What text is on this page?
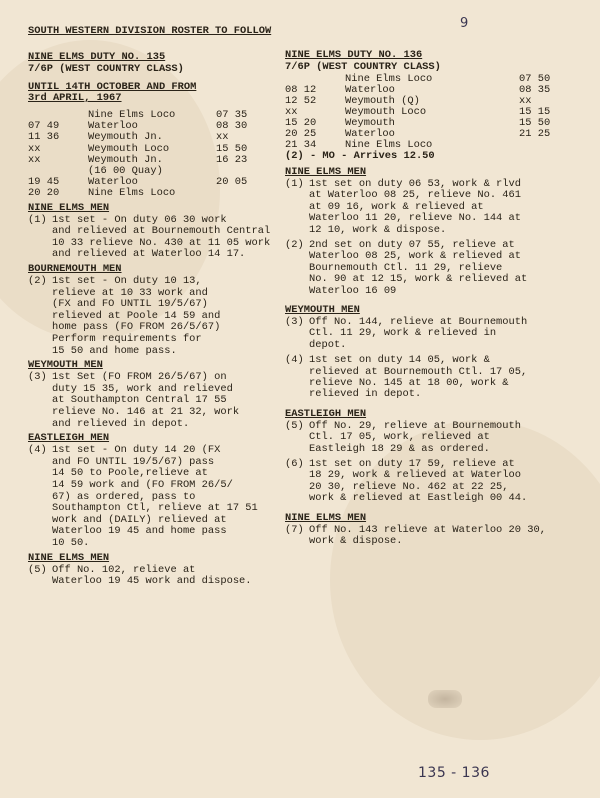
SOUTH WESTERN DIVISION ROSTER TO FOLLOW	9
135 - 136
NINE ELMS DUTY NO. 135
7/6P (WEST COUNTRY CLASS)
UNTIL 14TH OCTOBER AND FROM
3rd APRIL, 1967
Nine Elms Loco	07 35
07 49	Waterloo	08 30
11 36	Weymouth Jn.	xx
xx	Weymouth Loco	15 50
xx	Weymouth Jn.	16 23
(16 00 Quay)
19 45	Waterloo	20 05
20 20	Nine Elms Loco
NINE ELMS MEN
(1) 1st set - On duty 06 30 work
and relieved at Bournemouth Central
10 33 relieve No. 430 at 11 05 work
and relieved at Waterloo 14 17.
BOURNEMOUTH MEN
(2) 1st set - On duty 10 13,
relieve at 10 33 work and
(FX and FO UNTIL 19/5/67)
relieved at Poole 14 59 and
home pass (FO FROM 26/5/67)
Perform requirements for
15 50 and home pass.
WEYMOUTH MEN
(3) 1st Set (FO FROM 26/5/67) on
duty 15 35, work and relieved
at Southampton Central 17 55
relieve No. 146 at 21 32, work
and relieved in depot.
EASTLEIGH MEN
(4) 1st set - On duty 14 20 (FX
and FO UNTIL 19/5/67) pass
14 50 to Poole,relieve at
14 59 work and (FO FROM 26/5/
67) as ordered, pass to
Southampton Ctl, relieve at 17 51
work and (DAILY) relieved at
Waterloo 19 45 and home pass
10 50.
NINE ELMS MEN
(5) Off No. 102, relieve at
Waterloo 19 45 work and dispose.
NINE ELMS DUTY NO. 136
7/6P (WEST COUNTRY CLASS)
Nine Elms Loco	07 50
08 12	Waterloo	08 35
12 52	Weymouth (Q)	xx
xx	Weymouth Loco	15 15
15 20	Weymouth	15 50
20 25	Waterloo	21 25
21 34	Nine Elms Loco
(2) - MO - Arrives 12.50
NINE ELMS MEN
(1) 1st set on duty 06 53, work & rlvd
at Waterloo 08 25, relieve No. 461
at 09 16, work & relieved at
Waterloo 11 20, relieve No. 144 at
12 10, work & dispose.
(2) 2nd set on duty 07 55, relieve at
Waterloo 08 25, work & relieved at
Bournemouth Ctl. 11 29, relieve
No. 90 at 12 15, work & relieved at
Waterloo 16 09
WEYMOUTH MEN
(3) Off No. 144, relieve at Bournemouth
Ctl. 11 29, work & relieved in
depot.
(4) 1st set on duty 14 05, work &
relieved at Bournemouth Ctl. 17 05,
relieve No. 145 at 18 00, work &
relieved in depot.
EASTLEIGH MEN
(5) Off No. 29, relieve at Bournemouth
Ctl. 17 05, work, relieved at
Eastleigh 18 29 & as ordered.
(6) 1st set on duty 17 59, relieve at
18 29, work & relieved at Waterloo
20 30, relieve No. 462 at 22 25,
work & relieved at Eastleigh 00 44.
NINE ELMS MEN
(7) Off No. 143 relieve at Waterloo 20 30,
work & dispose.
